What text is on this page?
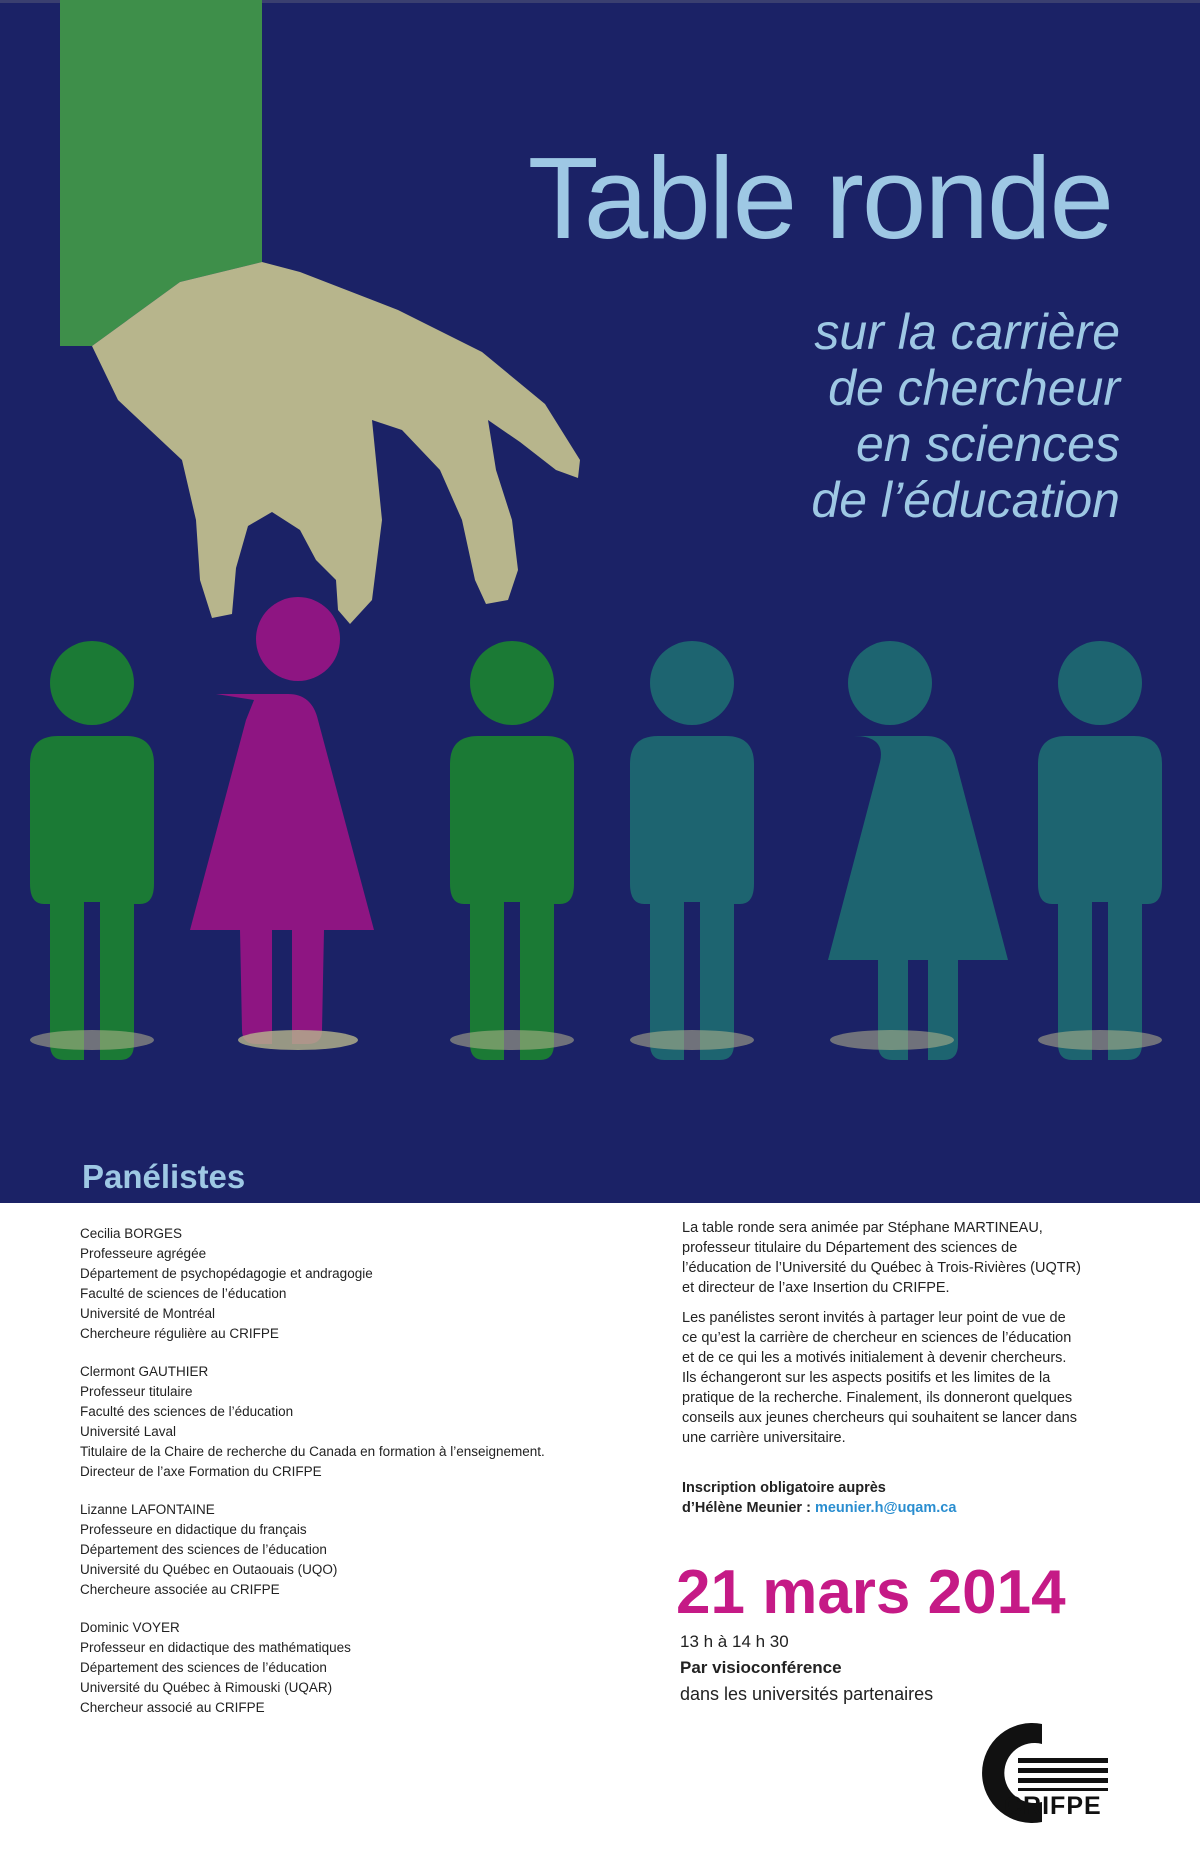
Table ronde
sur la carrière
de chercheur
en sciences
de l’éducation
Panélistes
Cecilia BORGES
Professeure agrégée
Département de psychopédagogie et andragogie
Faculté de sciences de l’éducation
Université de Montréal
Chercheure régulière au CRIFPE
Clermont GAUTHIER
Professeur titulaire
Faculté des sciences de l’éducation
Université Laval
Titulaire de la Chaire de recherche du Canada en formation à l’enseignement.
Directeur de l’axe Formation du CRIFPE
Lizanne LAFONTAINE
Professeure en didactique du français
Département des sciences de l’éducation
Université du Québec en Outaouais (UQO)
Chercheure associée au CRIFPE
Dominic VOYER
Professeur en didactique des mathématiques
Département des sciences de l’éducation
Université du Québec à Rimouski (UQAR)
Chercheur associé au CRIFPE
La table ronde sera animée par Stéphane MARTINEAU,
professeur titulaire du Département des sciences de
l’éducation de l’Université du Québec à Trois-Rivières (UQTR)
et directeur de l’axe Insertion du CRIFPE.
Les panélistes seront invités à partager leur point de vue de
ce qu’est la carrière de chercheur en sciences de l’éducation
et de ce qui les a motivés initialement à devenir chercheurs.
Ils échangeront sur les aspects positifs et les limites de la
pratique de la recherche. Finalement, ils donneront quelques
conseils aux jeunes chercheurs qui souhaitent se lancer dans
une carrière universitaire.
Inscription obligatoire auprès
d’Hélène Meunier : meunier.h@uqam.ca
21 mars 2014
13 h à 14 h 30
Par visioconférence
dans les universités partenaires
CRIFPE
